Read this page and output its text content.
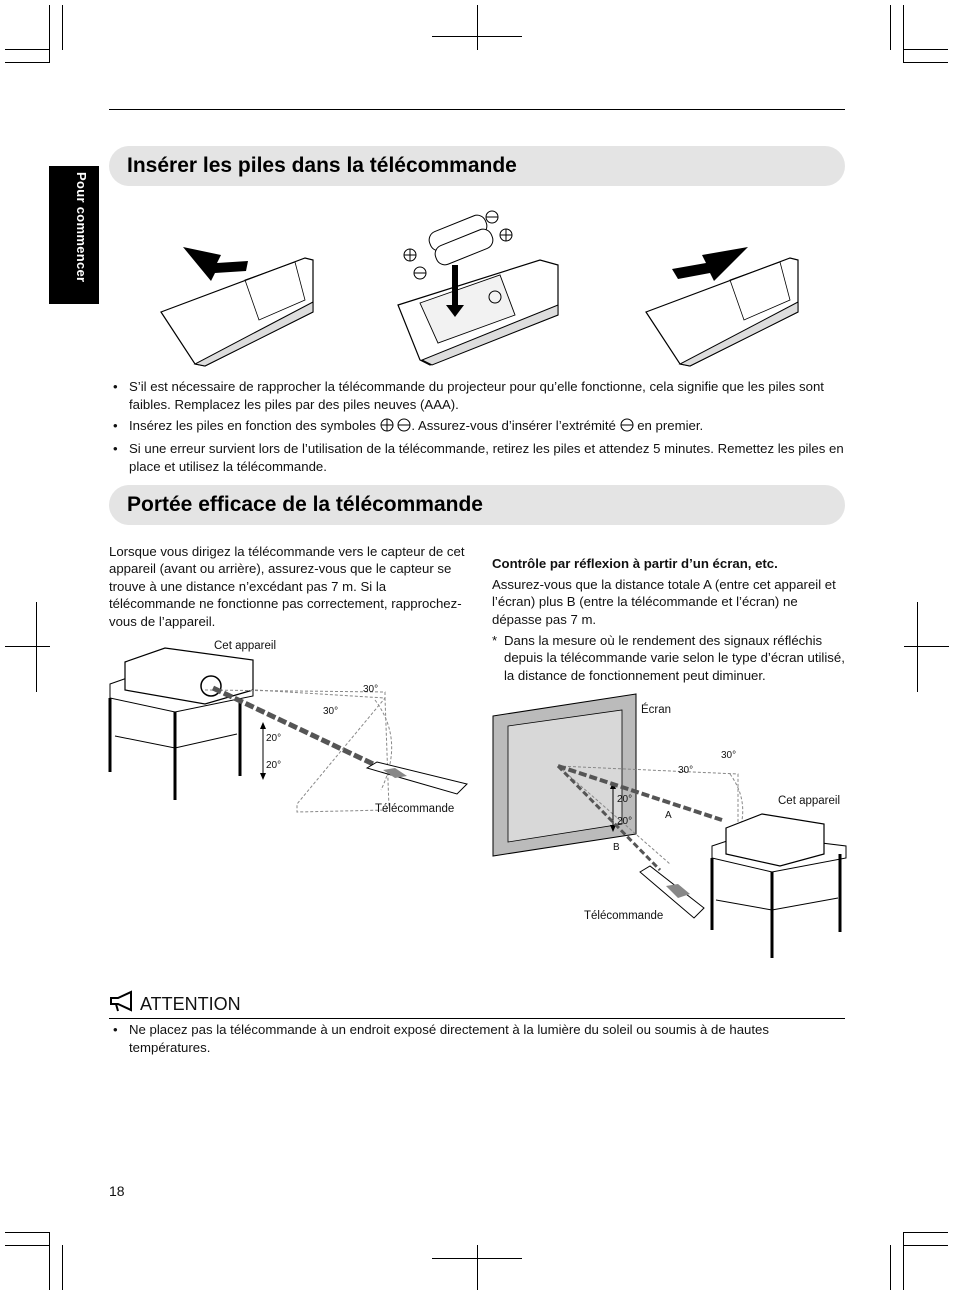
Pour commencer
Insérer les piles dans la télécommande
• S’il est nécessaire de rapprocher la télécommande du projecteur pour qu’elle fonctionne, cela signifie que les piles sont faibles. Remplacez les piles par des piles neuves (AAA).
• Insérez les piles en fonction des symboles	. Assurez-vous d’insérer l’extrémité en premier.
• Si une erreur survient lors de l’utilisation de la télécommande, retirez les piles et attendez 5 minutes. Remettez les piles en place et utilisez la télécommande.
Portée efficace de la télécommande
Lorsque vous dirigez la télécommande vers le capteur de cet appareil (avant ou arrière), assurez-vous que le capteur se trouve à une distance n’excédant pas 7 m. Si la télécommande ne fonctionne pas correctement, rapprochez-vous de l’appareil.
Contrôle par réflexion à partir d’un écran, etc.
Assurez-vous que la distance totale A (entre cet appareil et l’écran) plus B (entre la télécommande et l’écran) ne dépasse pas 7 m.
* Dans la mesure où le rendement des signaux réfléchis depuis la télécommande varie selon le type d’écran utilisé, la distance de fonctionnement peut diminuer.
Cet appareil
30°
30°
20°
20°
Télécommande
Écran
30°
30°
20°
20°
Cet appareil
A
B
Télécommande
ATTENTION
• Ne placez pas la télécommande à un endroit exposé directement à la lumière du soleil ou soumis à de hautes températures.
18
